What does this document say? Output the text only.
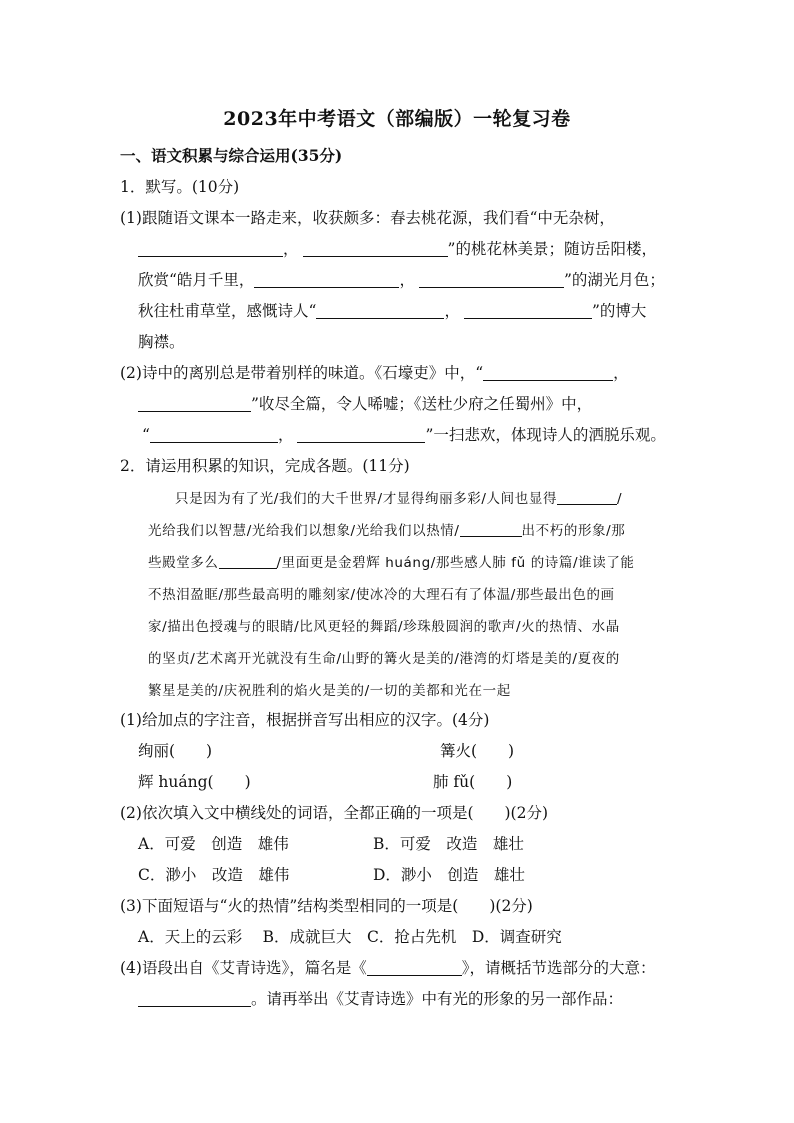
2023年中考语文（部编版）一轮复习卷
一、语文积累与综合运用(35分)
1．默写。(10分)
(1)跟随语文课本一路走来，收获颇多：春去桃花源，我们看“中无杂树，
，	”的桃花林美景；随访岳阳楼，
欣赏“皓月千里，	，	”的湖光月色；
秋往杜甫草堂，感慨诗人“	，	”的博大
胸襟。
(2)诗中的离别总是带着别样的味道。《石壕吏》中，“	，
”收尽全篇，令人唏嘘；《送杜少府之任蜀州》中，
“	，	”一扫悲欢，体现诗人的洒脱乐观。
2．请运用积累的知识，完成各题。(11分)
只是因为有了光/我们的大千世界/才显得绚丽多彩/人间也显得	/
光给我们以智慧/光给我们以想象/光给我们以热情/	出不朽的形象/那
些殿堂多么	/里面更是金碧辉 huáng/那些感人肺 fǔ 的诗篇/谁读了能
不热泪盈眶/那些最高明的雕刻家/使冰冷的大理石有了体温/那些最出色的画
家/描出色授魂与的眼睛/比风更轻的舞蹈/珍珠般圆润的歌声/火的热情、水晶
的坚贞/艺术离开光就没有生命/山野的篝火是美的/港湾的灯塔是美的/夏夜的
繁星是美的/庆祝胜利的焰火是美的/一切的美都和光在一起
(1)给加点的字注音，根据拼音写出相应的汉字。(4分)
绚丽(　　)	篝火(　　)
辉 huáng(　　)	肺 fǔ(　　)
(2)依次填入文中横线处的词语，全都正确的一项是(　　)(2分)
A．可爱　创造　雄伟	B．可爱　改造　雄壮
C．渺小　改造　雄伟	D．渺小　创造　雄壮
(3)下面短语与“火的热情”结构类型相同的一项是(　　)(2分)
A．天上的云彩　 B．成就巨大　C．抢占先机　D．调查研究
(4)语段出自《艾青诗选》，篇名是《	》，请概括节选部分的大意：
。请再举出《艾青诗选》中有光的形象的另一部作品：
